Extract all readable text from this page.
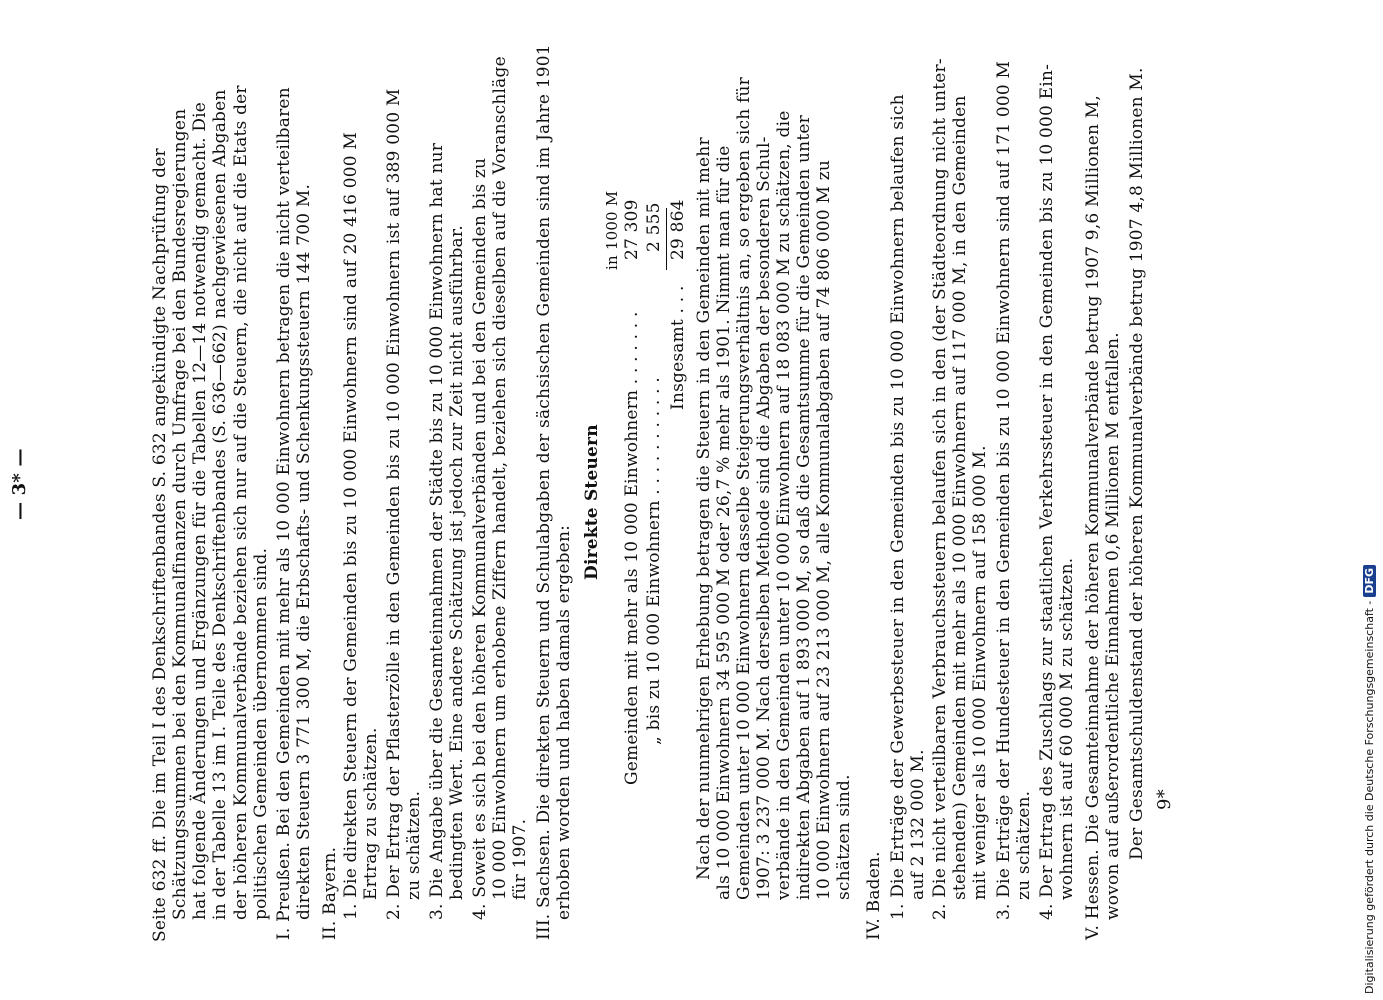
— 3* —	Seite 632 ff. Die im Teil I des Denkschriftenbandes S. 632 angekündigte Nachprüfung der Schätzungssummen bei den Kommunalfinanzen durch Umfrage bei den Bundesregierungen hat folgende Änderungen und Ergänzungen für die Tabellen 12—14 notwendig gemacht. Die in der Tabelle 13 im I. Teile des Denkschriftenbandes (S. 636—662) nachgewiesenen Abgaben der höheren Kommunalverbände beziehen sich nur auf die Steuern, die nicht auf die Etats der politischen Gemeinden übernommen sind. I. Preußen. Bei den Gemeinden mit mehr als 10 000 Einwohnern betragen die nicht verteilbaren direkten Steuern 3 771 300 M, die Erbschafts- und Schenkungssteuern 144 700 M. II. Bayern. 1. Die direkten Steuern der Gemeinden bis zu 10 000 Einwohnern sind auf 20 416 000 M Ertrag zu schätzen. 2. Der Ertrag der Pflasterzölle in den Gemeinden bis zu 10 000 Einwohnern ist auf 389 000 M zu schätzen. 3. Die Angabe über die Gesamteinnahmen der Städte bis zu 10 000 Einwohnern hat nur bedingten Wert. Eine andere Schätzung ist jedoch zur Zeit nicht ausführbar. 4. Soweit es sich bei den höheren Kommunalverbänden und bei den Gemeinden bis zu 10 000 Einwohnern um erhobene Ziffern handelt, beziehen sich dieselben auf die Voranschläge für 1907. III. Sachsen. Die direkten Steuern und Schulabgaben der sächsischen Gemeinden sind im Jahre 1901 erhoben worden und haben damals ergeben:
Direkte Steuern
in 1000 M
Gemeinden mit mehr als 10 000 Einwohnern . . . . . . .
27 309
„ bis zu 10 000 Einwohnern . . . . . . . . . . .
2 555
Insgesamt . . .
29 864 Nach der nunmehrigen Erhebung betragen die Steuern in den Gemeinden mit mehr als 10 000 Einwohnern 34 595 000 M oder 26,7 % mehr als 1901. Nimmt man für die Gemeinden unter 10 000 Einwohnern dasselbe Steigerungsverhältnis an, so ergeben sich für 1907: 3 237 000 M. Nach derselben Methode sind die Abgaben der besonderen Schul- verbände in den Gemeinden unter 10 000 Einwohnern auf 18 083 000 M zu schätzen, die indirekten Abgaben auf 1 893 000 M, so daß die Gesamtsumme für die Gemeinden unter 10 000 Einwohnern auf 23 213 000 M, alle Kommunalabgaben auf 74 806 000 M zu schätzen sind. IV. Baden. 1. Die Erträge der Gewerbesteuer in den Gemeinden bis zu 10 000 Einwohnern belaufen sich auf 2 132 000 M. 2. Die nicht verteilbaren Verbrauchssteuern belaufen sich in den (der Städteordnung nicht unter- stehenden) Gemeinden mit mehr als 10 000 Einwohnern auf 117 000 M, in den Gemeinden mit weniger als 10 000 Einwohnern auf 158 000 M. 3. Die Erträge der Hundesteuer in den Gemeinden bis zu 10 000 Einwohnern sind auf 171 000 M zu schätzen. 4. Der Ertrag des Zuschlags zur staatlichen Verkehrssteuer in den Gemeinden bis zu 10 000 Ein- wohnern ist auf 60 000 M zu schätzen. V. Hessen. Die Gesamteinnahme der höheren Kommunalverbände betrug 1907 9,6 Millionen M, wovon auf außerordentliche Einnahmen 0,6 Millionen M entfallen. Der Gesamtschuldenstand der höheren Kommunalverbände betrug 1907 4,8 Millionen M. 9*	Digitalisierung gefördert durch die Deutsche Forschungsgemeinschaft -DFG
